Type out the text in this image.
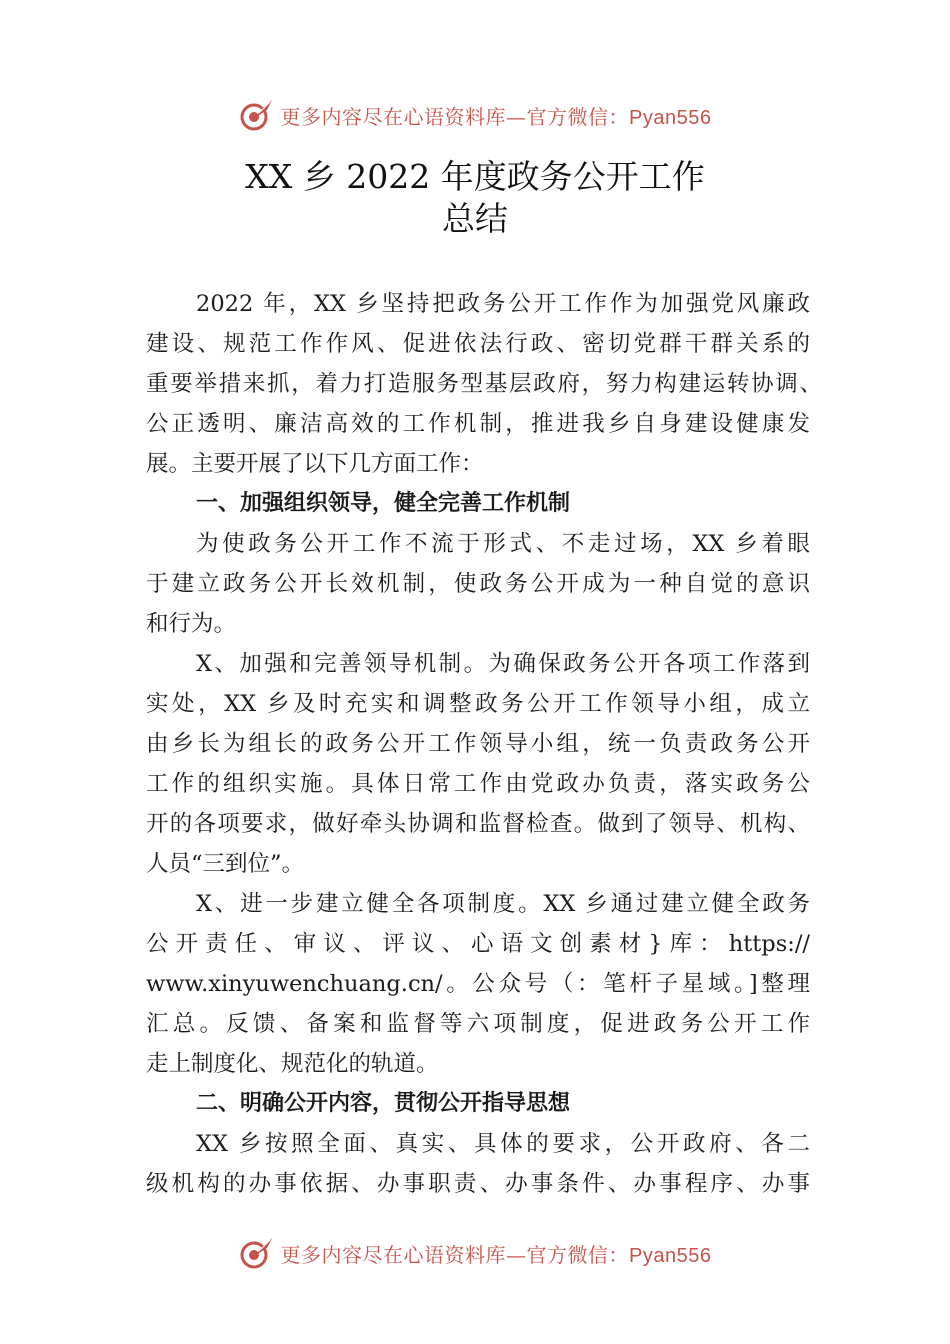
更多内容尽在心语资料库—官方微信：Pyan556
XX 乡 2022 年度政务公开工作
总结

2022 年，XX 乡坚持把政务公开工作作为加强党风廉政
建设、规范工作作风、促进依法行政、密切党群干群关系的
重要举措来抓，着力打造服务型基层政府，努力构建运转协调、
公正透明、廉洁高效的工作机制，推进我乡自身建设健康发
展。主要开展了以下几方面工作：

一、加强组织领导，健全完善工作机制

为使政务公开工作不流于形式、不走过场，XX 乡着眼
于建立政务公开长效机制，使政务公开成为一种自觉的意识
和行为。

X、加强和完善领导机制。为确保政务公开各项工作落到
实处，XX 乡及时充实和调整政务公开工作领导小组，成立
由乡长为组长的政务公开工作领导小组，统一负责政务公开
工作的组织实施。具体日常工作由党政办负责，落实政务公
开的各项要求，做好牵头协调和监督检查。做到了领导、机构、
人员“三到位”。

X、进一步建立健全各项制度。XX 乡通过建立健全政务
公开责任、审议、评议、心语文创素材}库：https://
www.xinyuwenchuang.cn/。公众号（：笔杆子星域。]整理
汇总。反馈、备案和监督等六项制度，促进政务公开工作
走上制度化、规范化的轨道。

二、明确公开内容，贯彻公开指导思想

XX 乡按照全面、真实、具体的要求，公开政府、各二
级机构的办事依据、办事职责、办事条件、办事程序、办事

更多内容尽在心语资料库—官方微信：Pyan556
